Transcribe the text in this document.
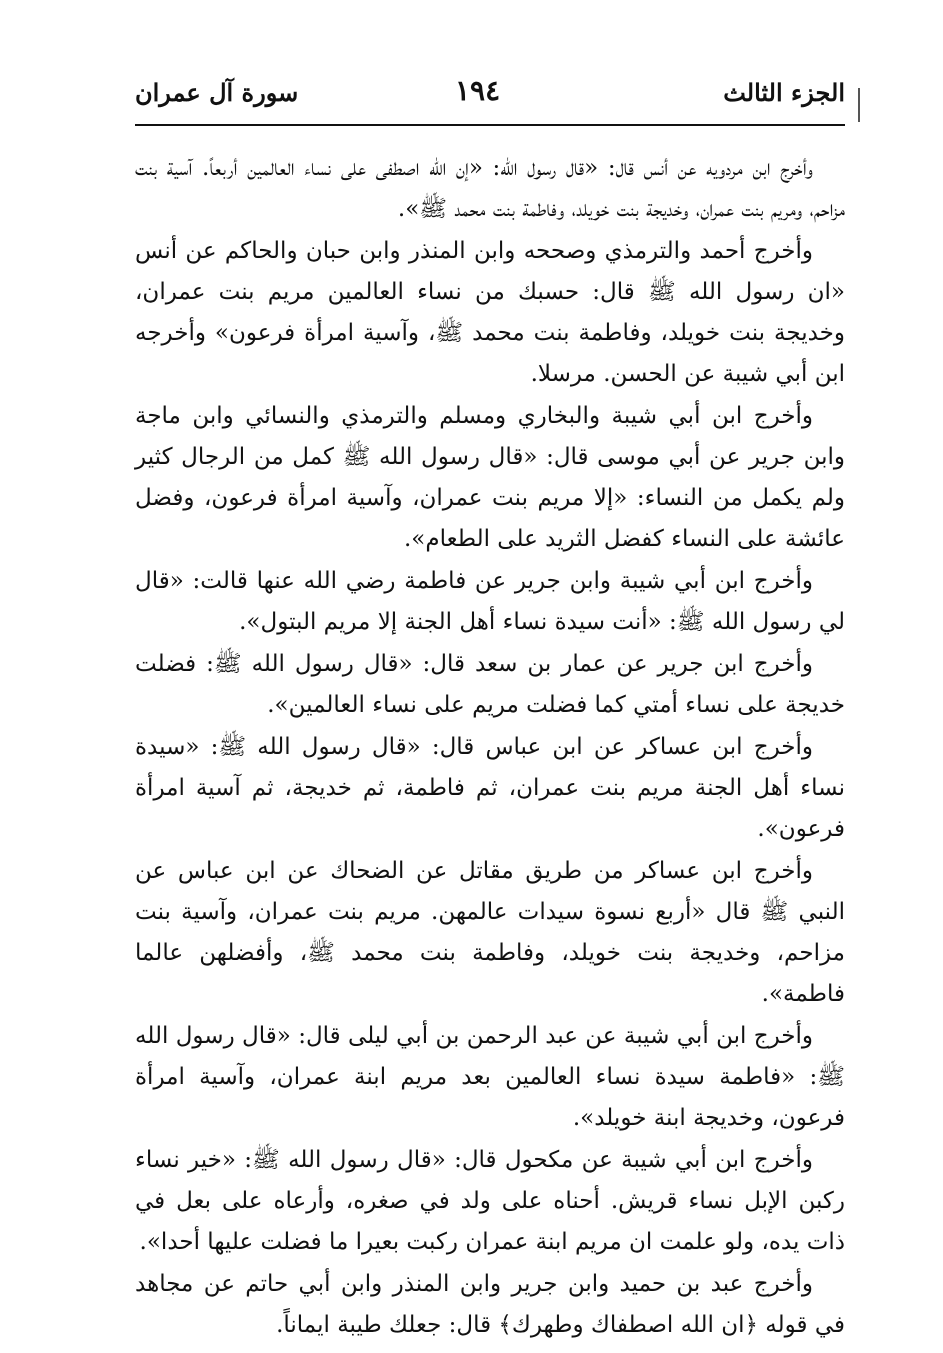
الجزء الثالث
١٩٤
سورة آل عمران

وأخرج ابن مردويه عن أنس قال: «قال رسول الله: «إن الله اصطفى على نساء العالمين أربعاً. آسية بنت مزاحم، ومريم بنت عمران، وخديجة بنت خويلد، وفاطمة بنت محمد ﷺ».

وأخرج أحمد والترمذي وصححه وابن المنذر وابن حبان والحاكم عن أنس «ان رسول الله ﷺ قال: حسبك من نساء العالمين مريم بنت عمران، وخديجة بنت خويلد، وفاطمة بنت محمد ﷺ، وآسية امرأة فرعون» وأخرجه ابن أبي شيبة عن الحسن. مرسلا.

وأخرج ابن أبي شيبة والبخاري ومسلم والترمذي والنسائي وابن ماجة وابن جرير عن أبي موسى قال: «قال رسول الله ﷺ كمل من الرجال كثير ولم يكمل من النساء: «إلا مريم بنت عمران، وآسية امرأة فرعون، وفضل عائشة على النساء كفضل الثريد على الطعام».

وأخرج ابن أبي شيبة وابن جرير عن فاطمة رضي الله عنها قالت: «قال لي رسول الله ﷺ: «أنت سيدة نساء أهل الجنة إلا مريم البتول».

وأخرج ابن جرير عن عمار بن سعد قال: «قال رسول الله ﷺ: فضلت خديجة على نساء أمتي كما فضلت مريم على نساء العالمين».

وأخرج ابن عساكر عن ابن عباس قال: «قال رسول الله ﷺ: «سيدة نساء أهل الجنة مريم بنت عمران، ثم فاطمة، ثم خديجة، ثم آسية امرأة فرعون».

وأخرج ابن عساكر من طريق مقاتل عن الضحاك عن ابن عباس عن النبي ﷺ قال «أربع نسوة سيدات عالمهن. مريم بنت عمران، وآسية بنت مزاحم، وخديجة بنت خويلد، وفاطمة بنت محمد ﷺ، وأفضلهن عالما فاطمة».

وأخرج ابن أبي شيبة عن عبد الرحمن بن أبي ليلى قال: «قال رسول الله ﷺ: «فاطمة سيدة نساء العالمين بعد مريم ابنة عمران، وآسية امرأة فرعون، وخديجة ابنة خويلد».

وأخرج ابن أبي شيبة عن مكحول قال: «قال رسول الله ﷺ: «خير نساء ركبن الإبل نساء قريش. أحناه على ولد في صغره، وأرعاه على بعل في ذات يده، ولو علمت ان مريم ابنة عمران ركبت بعيرا ما فضلت عليها أحدا».

وأخرج عبد بن حميد وابن جرير وابن المنذر وابن أبي حاتم عن مجاهد في قوله ﴿ان الله اصطفاك وطهرك﴾ قال: جعلك طيبة ايماناً.
